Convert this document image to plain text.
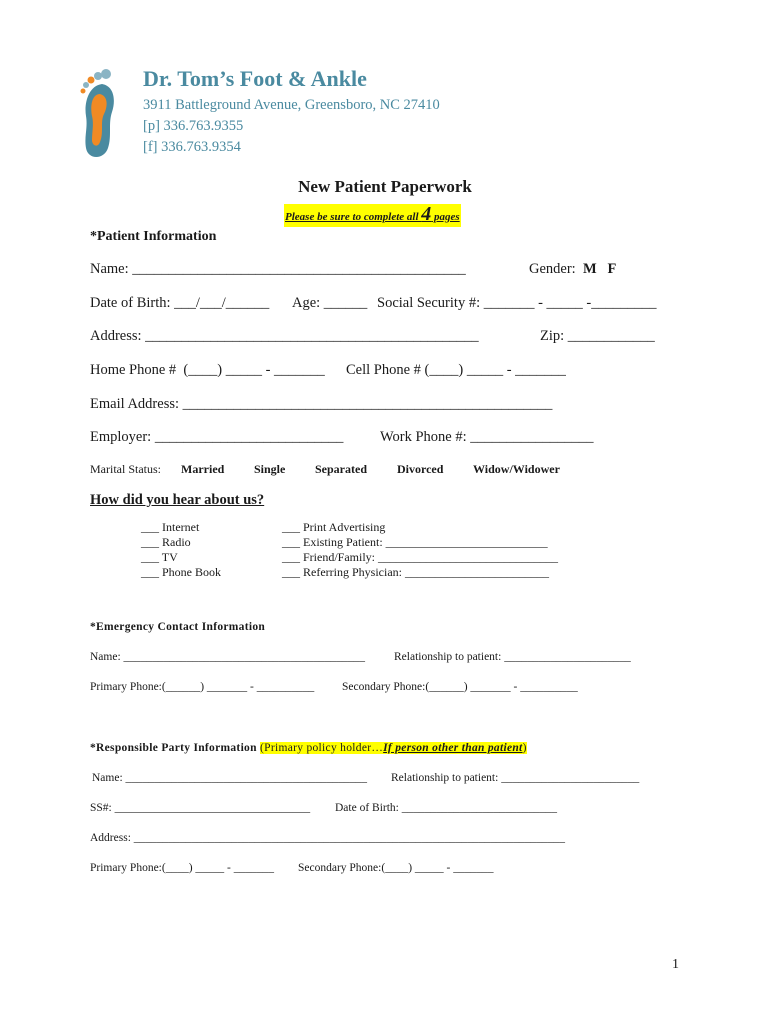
Dr. Tom’s Foot & Ankle
3911 Battleground Avenue, Greensboro, NC 27410
[p] 336.763.9355
[f] 336.763.9354
New Patient Paperwork
Please be sure to complete all 4 pages
*Patient Information
Name: ______________________________________________	Gender:  M   F
Date of Birth: ___/___/______ Age: ______ Social Security #: _______ - _____ -_________
Address: ______________________________________________	Zip: ____________
Home Phone #  (____) _____ - _______ Cell Phone # (____) _____ - _______
Email Address: ___________________________________________________
Employer: __________________________	Work Phone #: _________________
Marital Status: Married Single Separated	Divorced Widow/Widower
How did you hear about us?
___ Internet
___ Radio
___ TV
___ Phone Book
___ Print Advertising
___ Existing Patient: ___________________________
___ Friend/Family: ______________________________
___ Referring Physician: ________________________
*Emergency Contact Information
Name: __________________________________________	Relationship to patient: ______________________
Primary Phone:(______) _______ - __________ Secondary Phone:(______) _______ - __________
*Responsible Party Information (Primary policy holder…If person other than patient)
Name: __________________________________________ Relationship to patient: ________________________
SS#: __________________________________ Date of Birth: ___________________________
Address: ___________________________________________________________________________
Primary Phone:(____) _____ - _______ Secondary Phone:(____) _____ - _______
1
